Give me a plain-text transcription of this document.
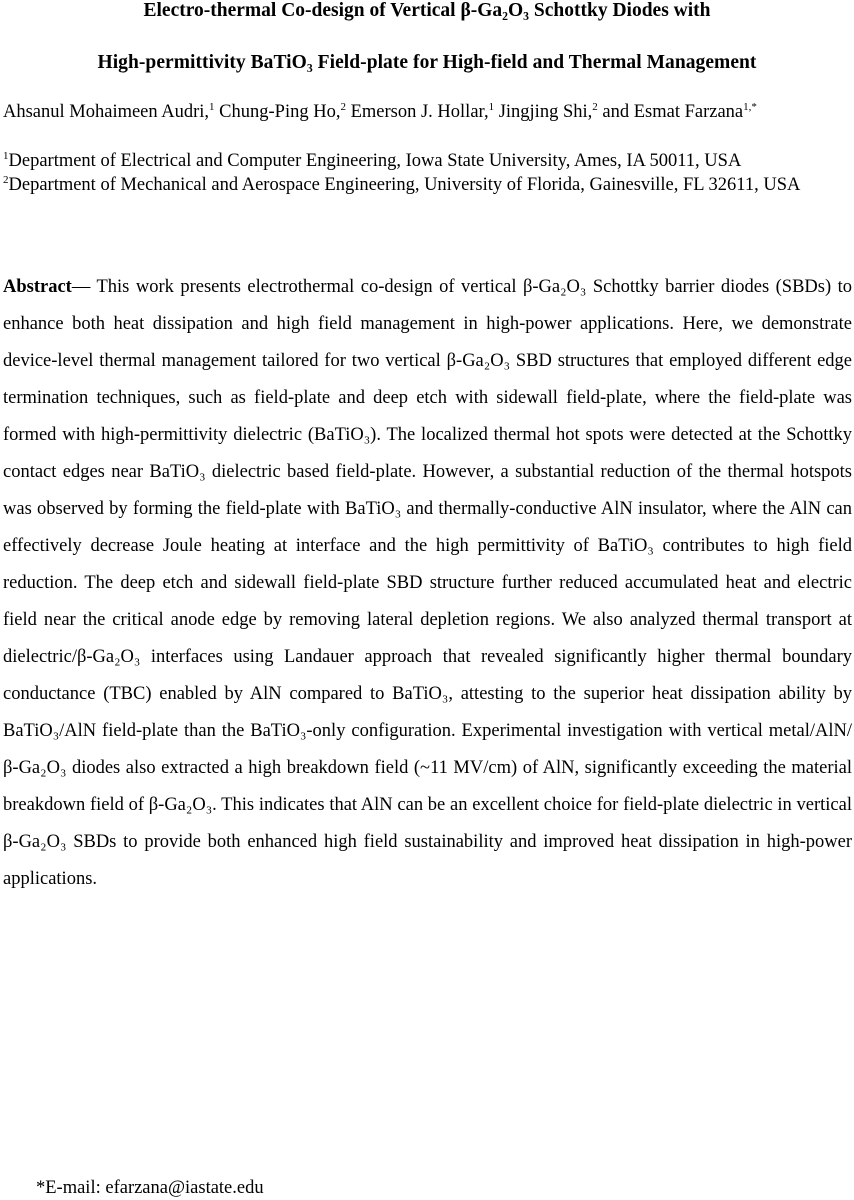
Electro-thermal Co-design of Vertical β-Ga₂O₃ Schottky Diodes with
High-permittivity BaTiO₃ Field-plate for High-field and Thermal Management
Ahsanul Mohaimeen Audri,$^1$ Chung-Ping Ho,$^2$ Emerson J. Hollar,$^1$ Jingjing Shi,$^2$ and Esmat Farzana$^{1,*}$
$^1$Department of Electrical and Computer Engineering, Iowa State University, Ames, IA 50011, USA
$^2$Department of Mechanical and Aerospace Engineering, University of Florida, Gainesville, FL 32611, USA

Abstract— This work presents electrothermal co-design of vertical β-Ga₂O₃ Schottky barrier diodes (SBDs) to enhance both heat dissipation and high field management in high-power applications. Here, we demonstrate device-level thermal management tailored for two vertical β-Ga₂O₃ SBD structures that employed different edge termination techniques, such as field-plate and deep etch with sidewall field-plate, where the field-plate was formed with high-permittivity dielectric (BaTiO₃). The localized thermal hot spots were detected at the Schottky contact edges near BaTiO₃ dielectric based field-plate. However, a substantial reduction of the thermal hotspots was observed by forming the field-plate with BaTiO₃ and thermally-conductive AlN insulator, where the AlN can effectively decrease Joule heating at interface and the high permittivity of BaTiO₃ contributes to high field reduction. The deep etch and sidewall field-plate SBD structure further reduced accumulated heat and electric field near the critical anode edge by removing lateral depletion regions. We also analyzed thermal transport at dielectric/β-Ga₂O₃ interfaces using Landauer approach that revealed significantly higher thermal boundary conductance (TBC) enabled by AlN compared to BaTiO₃, attesting to the superior heat dissipation ability by BaTiO₃/AlN field-plate than the BaTiO₃-only configuration. Experimental investigation with vertical metal/AlN/β-Ga₂O₃ diodes also extracted a high breakdown field (~11 MV/cm) of AlN, significantly exceeding the material breakdown field of β-Ga₂O₃. This indicates that AlN can be an excellent choice for field-plate dielectric in vertical β-Ga₂O₃ SBDs to provide both enhanced high field sustainability and improved heat dissipation in high-power applications.

*E-mail: efarzana@iastate.edu
